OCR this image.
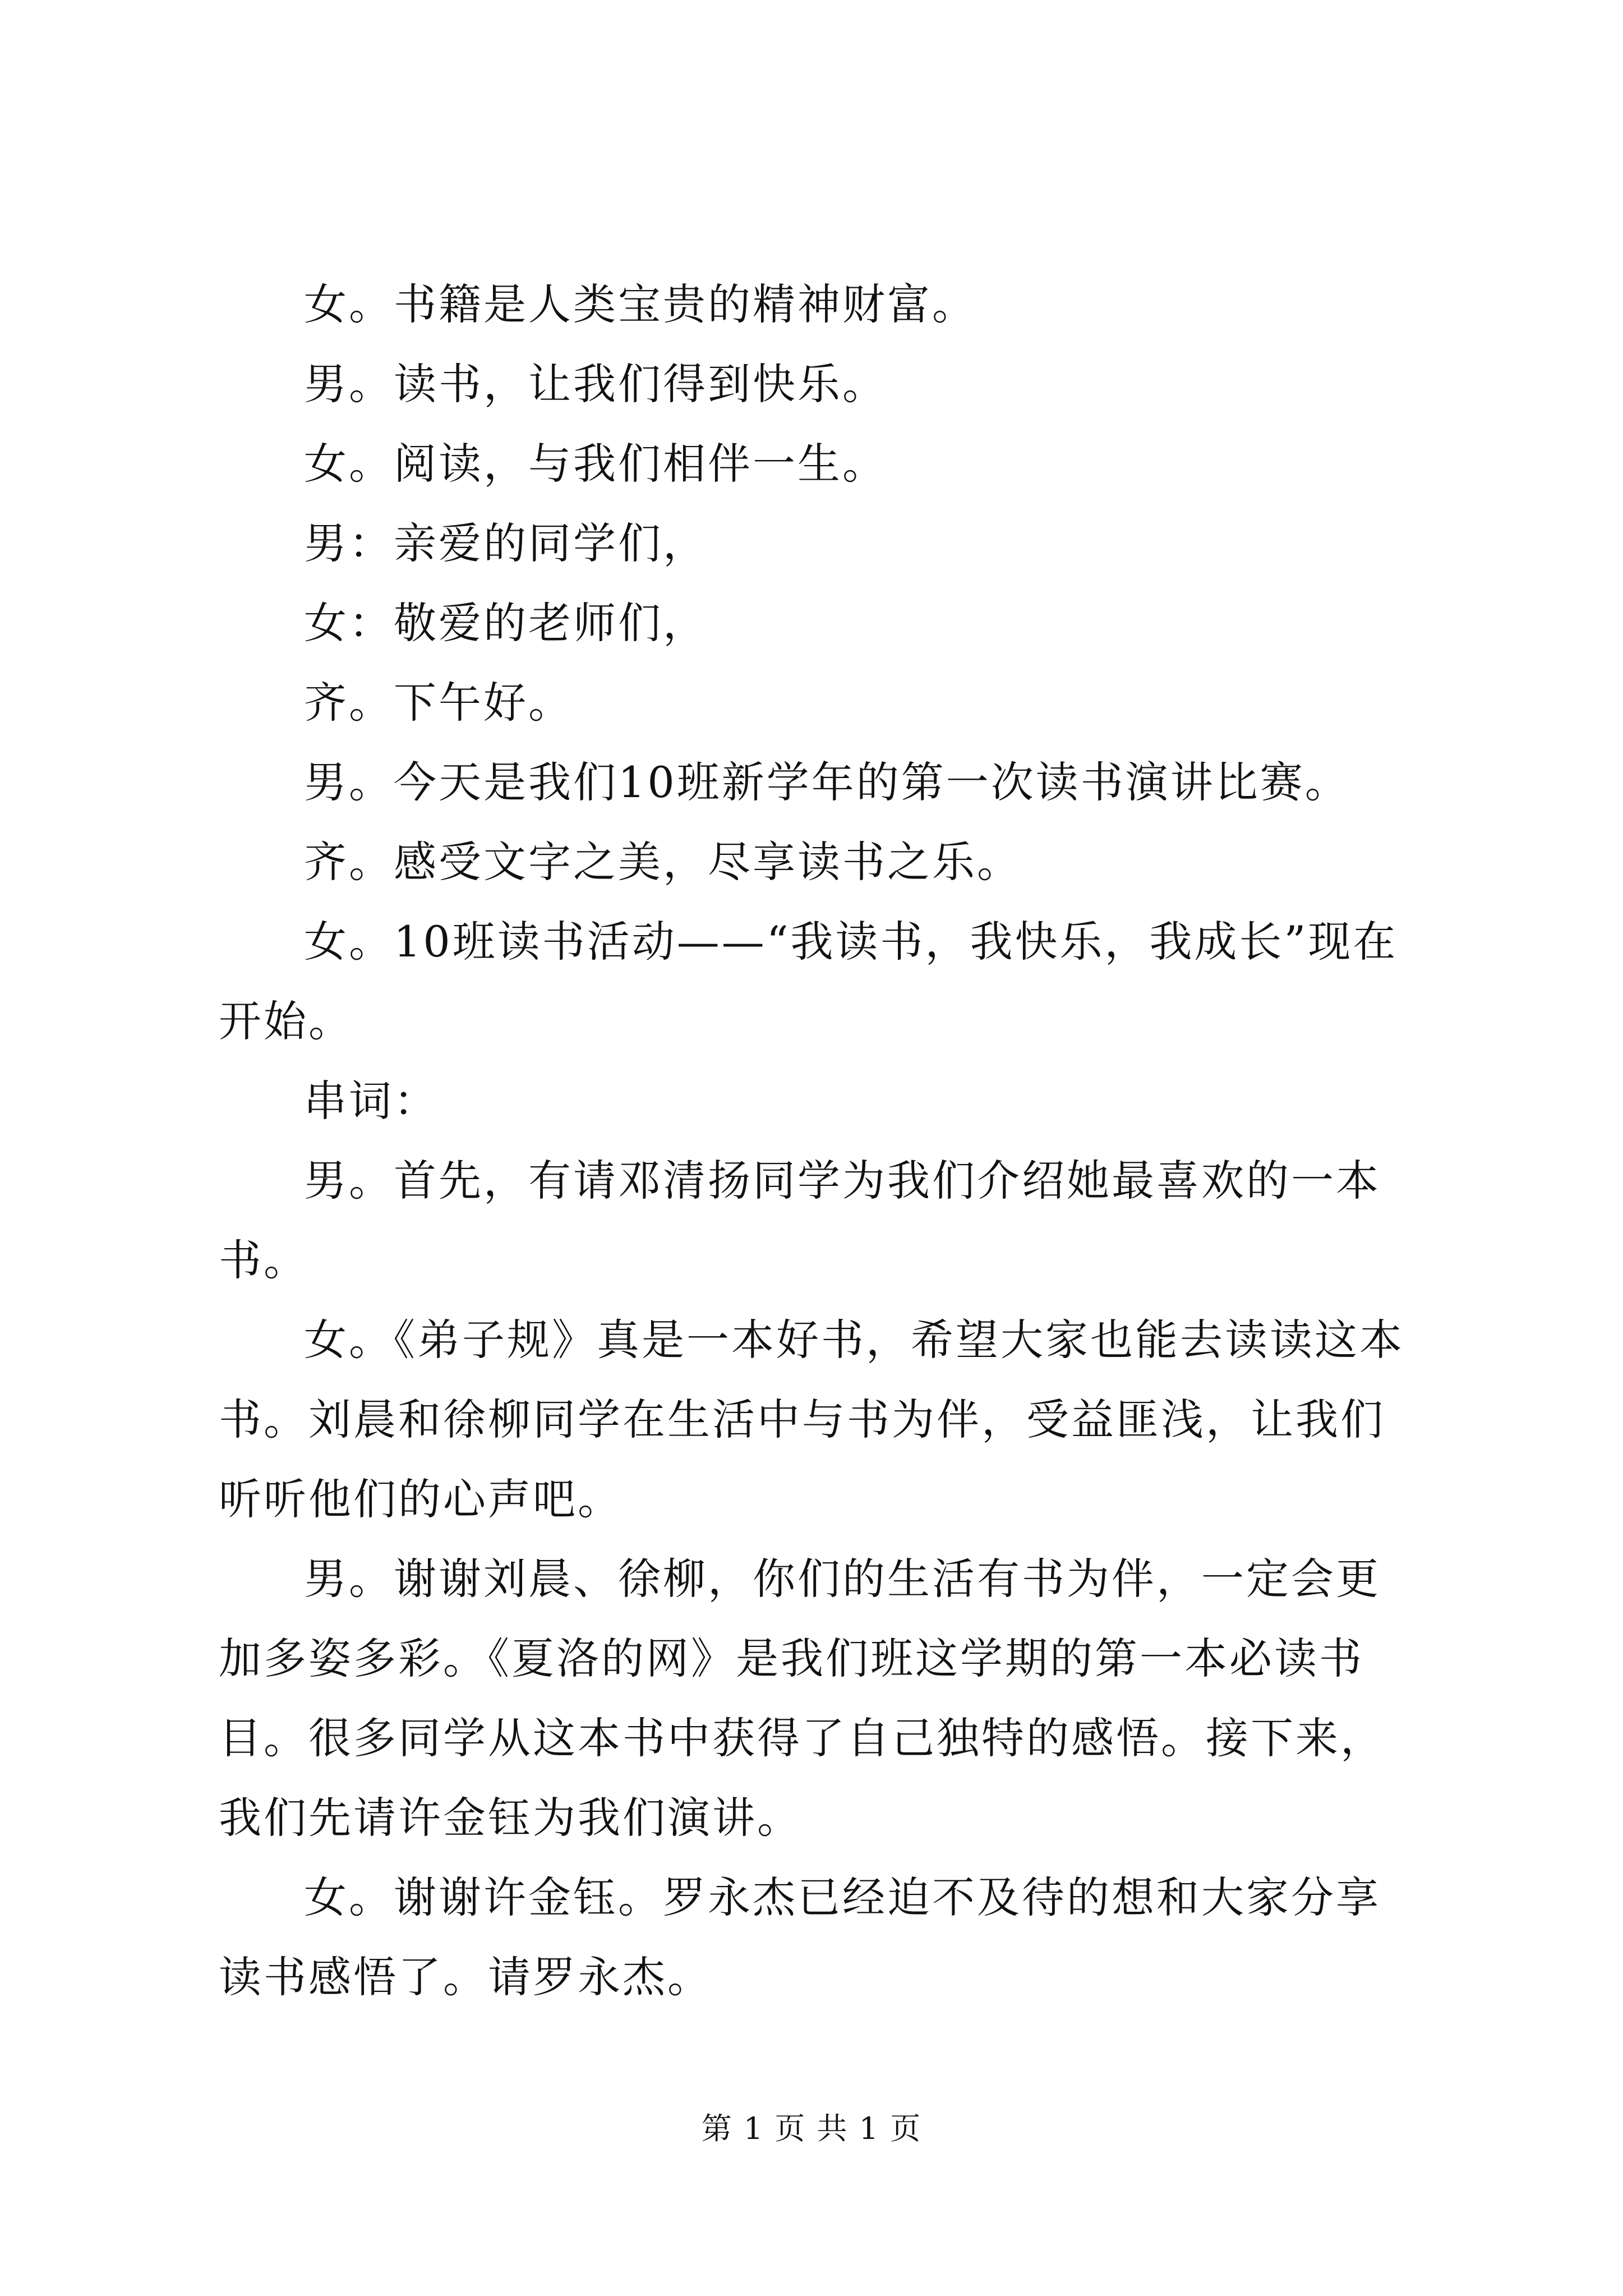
女。书籍是人类宝贵的精神财富。

男。读书，让我们得到快乐。

女。阅读，与我们相伴一生。

男：亲爱的同学们，

女：敬爱的老师们，

齐。下午好。

男。今天是我们10班新学年的第一次读书演讲比赛。

齐。感受文字之美，尽享读书之乐。

女。10班读书活动——“我读书，我快乐，我成长”现在开始。

串词：

男。首先，有请邓清扬同学为我们介绍她最喜欢的一本书。

女。《弟子规》真是一本好书，希望大家也能去读读这本书。刘晨和徐柳同学在生活中与书为伴，受益匪浅，让我们听听他们的心声吧。

男。谢谢刘晨、徐柳，你们的生活有书为伴，一定会更加多姿多彩。《夏洛的网》是我们班这学期的第一本必读书目。很多同学从这本书中获得了自己独特的感悟。接下来，我们先请许金钰为我们演讲。

女。谢谢许金钰。罗永杰已经迫不及待的想和大家分享读书感悟了。请罗永杰。

第 1 页 共 1 页
